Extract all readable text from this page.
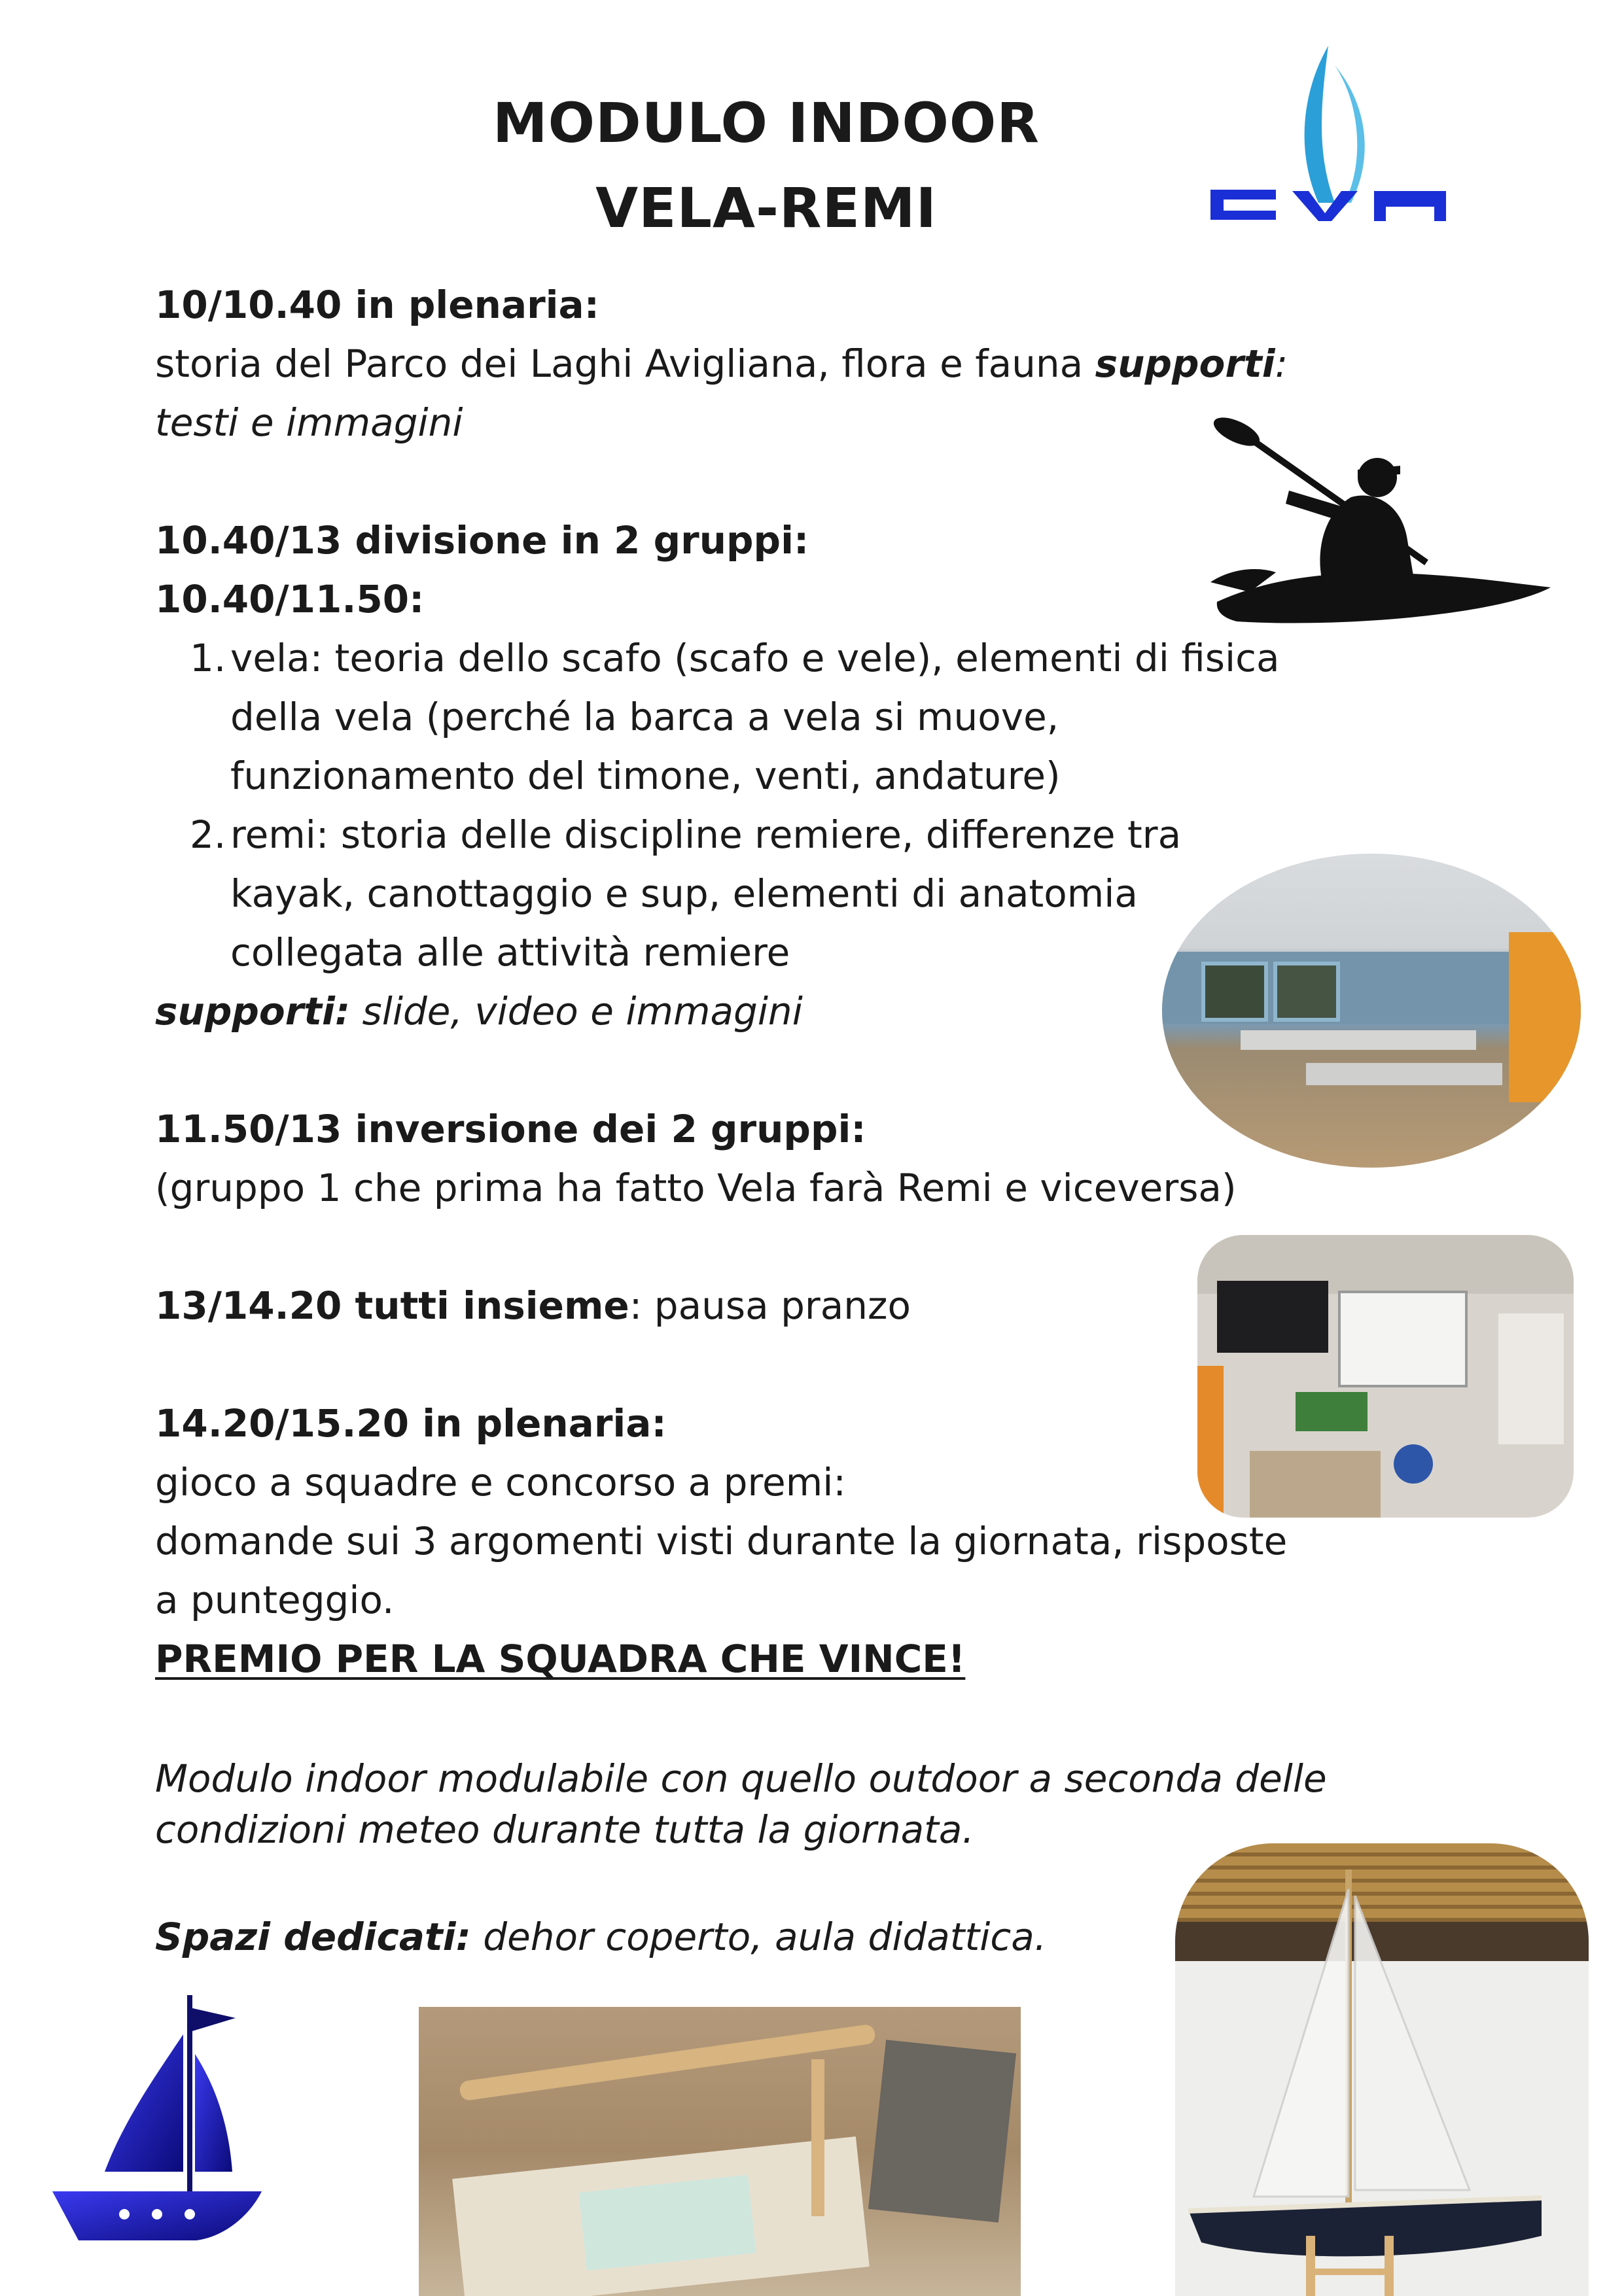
MODULO INDOOR
VELA-REMI
10/10.40 in plenaria:
storia del Parco dei Laghi Avigliana, flora e fauna supporti:
testi e immagini
10.40/13 divisione in 2 gruppi:
10.40/11.50:
1. vela: teoria dello scafo (scafo e vele), elementi di fisica
della vela (perché la barca a vela si muove,
funzionamento del timone, venti, andature)
2. remi: storia delle discipline remiere, differenze tra
kayak, canottaggio e sup, elementi di anatomia
collegata alle attività remiere
supporti: slide, video e immagini
11.50/13 inversione dei 2 gruppi:
(gruppo 1 che prima ha fatto Vela farà Remi e viceversa)
13/14.20 tutti insieme: pausa pranzo
14.20/15.20 in plenaria:
gioco a squadre e concorso a premi:
domande sui 3 argomenti visti durante la giornata, risposte
a punteggio.
PREMIO PER LA SQUADRA CHE VINCE!
Modulo indoor modulabile con quello outdoor a seconda delle
condizioni meteo durante tutta la giornata.
Spazi dedicati: dehor coperto, aula didattica.
